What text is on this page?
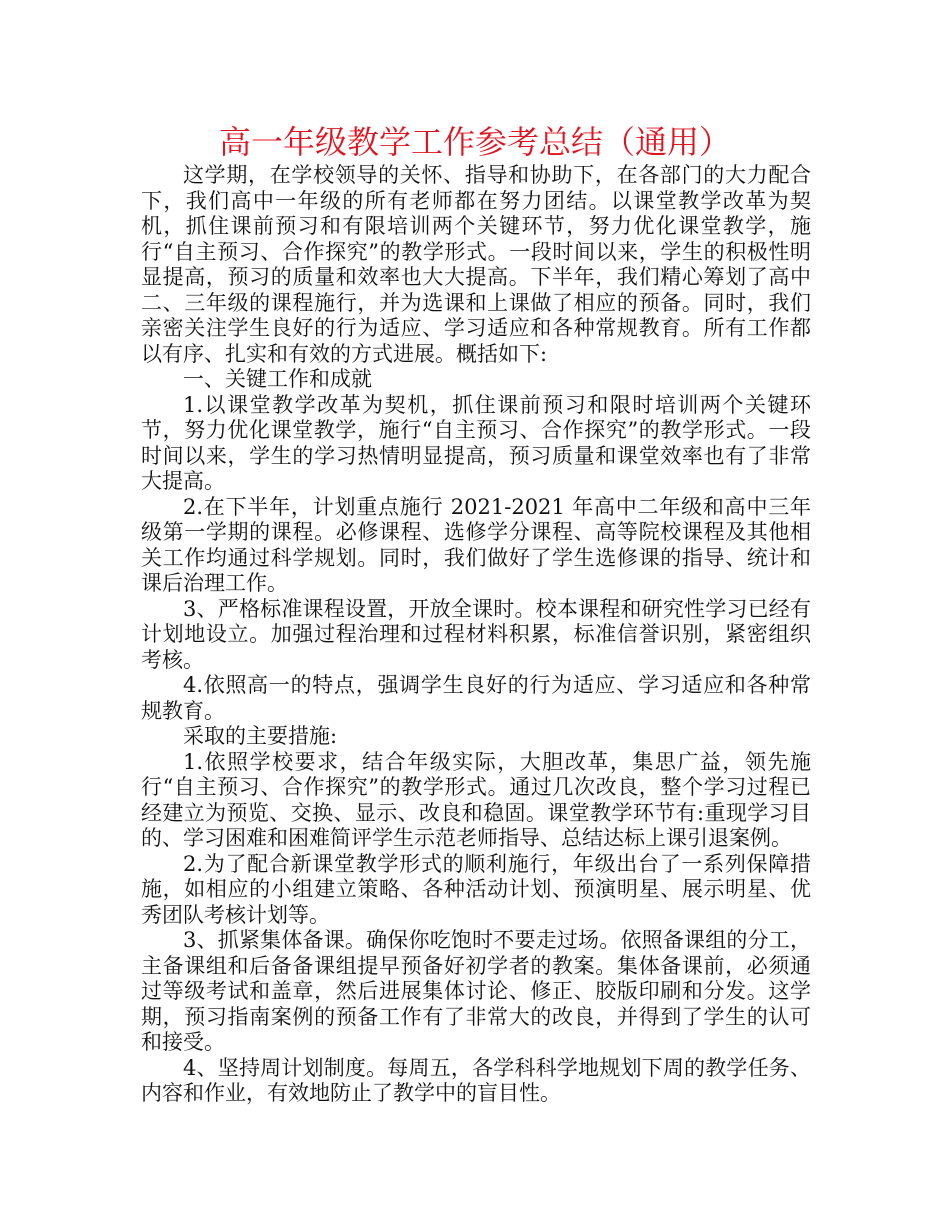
高一年级教学工作参考总结（通用）

这学期，在学校领导的关怀、指导和协助下，在各部门的大力配合下，我们高中一年级的所有老师都在努力团结。以课堂教学改革为契机，抓住课前预习和有限培训两个关键环节，努力优化课堂教学，施行“自主预习、合作探究”的教学形式。一段时间以来，学生的积极性明显提高，预习的质量和效率也大大提高。下半年，我们精心筹划了高中二、三年级的课程施行，并为选课和上课做了相应的预备。同时，我们亲密关注学生良好的行为适应、学习适应和各种常规教育。所有工作都以有序、扎实和有效的方式进展。概括如下:

一、关键工作和成就

1.以课堂教学改革为契机，抓住课前预习和限时培训两个关键环节，努力优化课堂教学，施行“自主预习、合作探究”的教学形式。一段时间以来，学生的学习热情明显提高，预习质量和课堂效率也有了非常大提高。

2.在下半年，计划重点施行 2021-2021 年高中二年级和高中三年级第一学期的课程。必修课程、选修学分课程、高等院校课程及其他相关工作均通过科学规划。同时，我们做好了学生选修课的指导、统计和课后治理工作。

3、严格标准课程设置，开放全课时。校本课程和研究性学习已经有计划地设立。加强过程治理和过程材料积累，标准信誉识别，紧密组织考核。

4.依照高一的特点，强调学生良好的行为适应、学习适应和各种常规教育。

采取的主要措施:

1.依照学校要求，结合年级实际，大胆改革，集思广益，领先施行“自主预习、合作探究”的教学形式。通过几次改良，整个学习过程已经建立为预览、交换、显示、改良和稳固。课堂教学环节有:重现学习目的、学习困难和困难简评学生示范老师指导、总结达标上课引退案例。

2.为了配合新课堂教学形式的顺利施行，年级出台了一系列保障措施，如相应的小组建立策略、各种活动计划、预演明星、展示明星、优秀团队考核计划等。

3、抓紧集体备课。确保你吃饱时不要走过场。依照备课组的分工，主备课组和后备备课组提早预备好初学者的教案。集体备课前，必须通过等级考试和盖章，然后进展集体讨论、修正、胶版印刷和分发。这学期，预习指南案例的预备工作有了非常大的改良，并得到了学生的认可和接受。

4、坚持周计划制度。每周五，各学科科学地规划下周的教学任务、内容和作业，有效地防止了教学中的盲目性。
